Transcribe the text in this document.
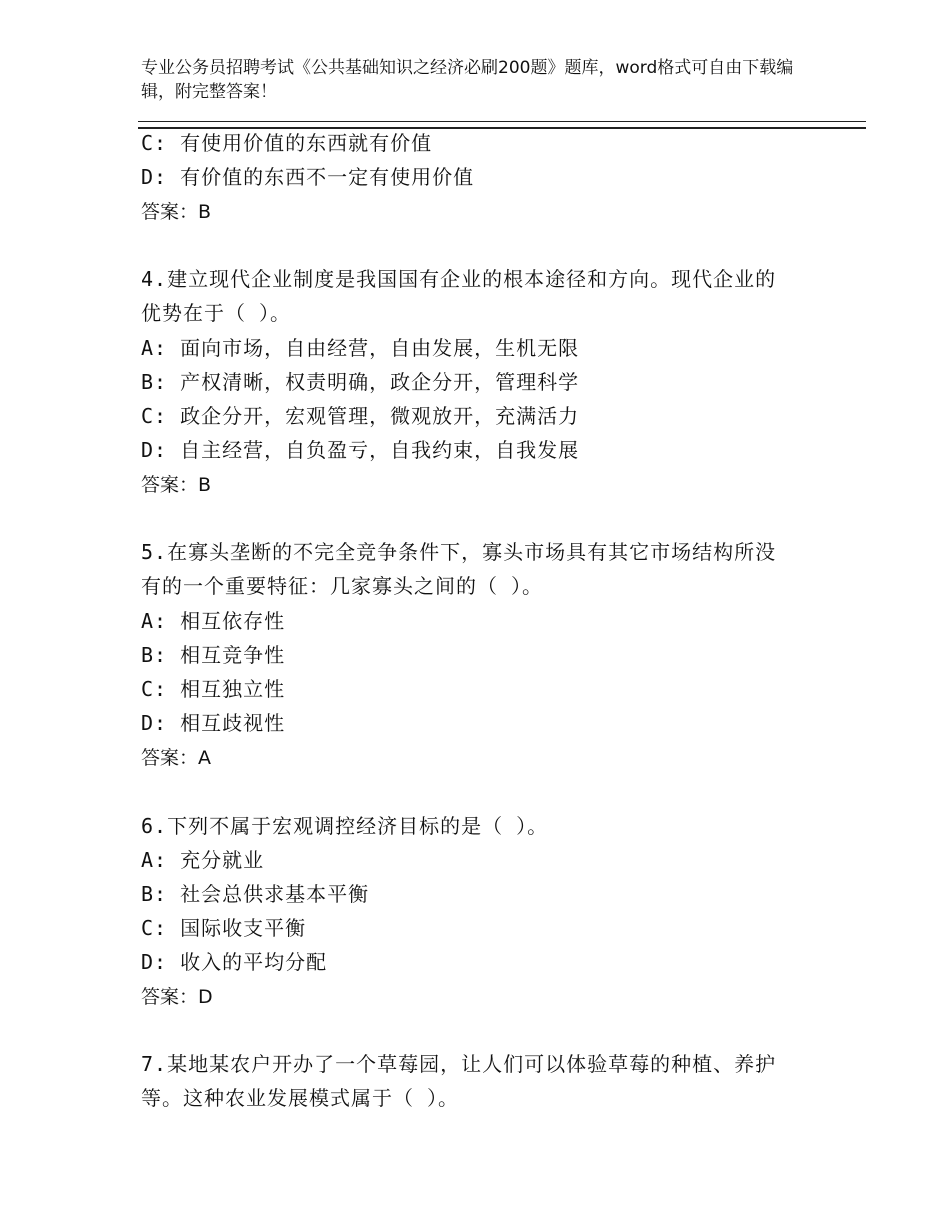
专业公务员招聘考试《公共基础知识之经济必刷200题》题库，word格式可自由下载编辑，附完整答案！
C: 有使用价值的东西就有价值
D: 有价值的东西不一定有使用价值
答案：B
4.建立现代企业制度是我国国有企业的根本途径和方向。现代企业的
优势在于（ ）。
A: 面向市场，自由经营，自由发展，生机无限
B: 产权清晰，权责明确，政企分开，管理科学
C: 政企分开，宏观管理，微观放开，充满活力
D: 自主经营，自负盈亏，自我约束，自我发展
答案：B
5.在寡头垄断的不完全竞争条件下，寡头市场具有其它市场结构所没
有的一个重要特征：几家寡头之间的（ ）。
A: 相互依存性
B: 相互竞争性
C: 相互独立性
D: 相互歧视性
答案：A
6.下列不属于宏观调控经济目标的是（ ）。
A: 充分就业
B: 社会总供求基本平衡
C: 国际收支平衡
D: 收入的平均分配
答案：D
7.某地某农户开办了一个草莓园，让人们可以体验草莓的种植、养护
等。这种农业发展模式属于（ ）。
